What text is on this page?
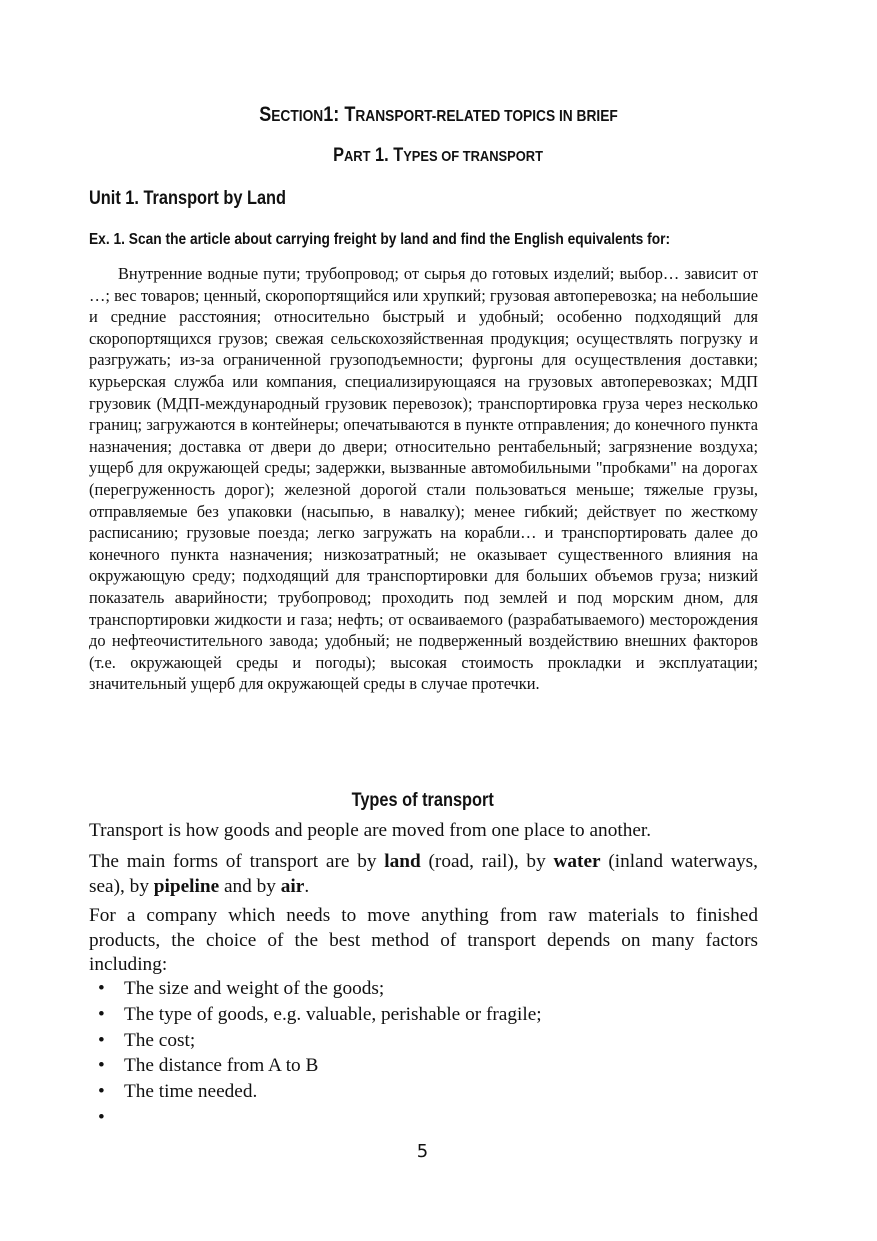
SECTION1: TRANSPORT-RELATED TOPICS IN BRIEF
PART 1. TYPES OF TRANSPORT
Unit 1. Transport by Land
Ex. 1. Scan the article about carrying freight by land and find the English equivalents for:

Внутренние водные пути; трубопровод; от сырья до готовых изделий; выбор… зависит от …; вес товаров; ценный, скоропортящийся или хрупкий; грузовая автоперевозка; на небольшие и средние расстояния; относительно быстрый и удобный; особенно подходящий для скоропортящихся грузов; свежая сельскохозяйственная продукция; осуществлять погрузку и разгружать; из-за ограниченной грузоподъемности; фургоны для осуществления доставки; курьерская служба или компания, специализирующаяся на грузовых автоперевозках; МДП грузовик (МДП-международный грузовик перевозок); транспортировка груза через несколько границ; загружаются в контейнеры; опечатываются в пункте отправления; до конечного пункта назначения; доставка от двери до двери; относительно рентабельный; загрязнение воздуха; ущерб для окружающей среды; задержки, вызванные автомобильными "пробками" на дорогах (перегруженность дорог); железной дорогой стали пользоваться меньше; тяжелые грузы, отправляемые без упаковки (насыпью, в навалку); менее гибкий; действует по жесткому расписанию; грузовые поезда; легко загружать на корабли… и транспортировать далее до конечного пункта назначения; низкозатратный; не оказывает существенного влияния на окружающую среду; подходящий для транспортировки для больших объемов груза; низкий показатель аварийности; трубопровод; проходить под землей и под морским дном, для транспортировки жидкости и газа; нефть; от осваиваемого (разрабатываемого) месторождения до нефтеочистительного завода; удобный; не подверженный воздействию внешних факторов (т.е. окружающей среды и погоды); высокая стоимость прокладки и эксплуатации; значительный ущерб для окружающей среды в случае протечки.

Types of transport

Transport is how goods and people are moved from one place to another.

The main forms of transport are by land (road, rail), by water (inland waterways, sea), by pipeline and by air.

For a company which needs to move anything from raw materials to finished products, the choice of the best method of transport depends on many factors including:

• The size and weight of the goods;
• The type of goods, e.g. valuable, perishable or fragile;
• The cost;
• The distance from A to B
• The time needed.
•
5
